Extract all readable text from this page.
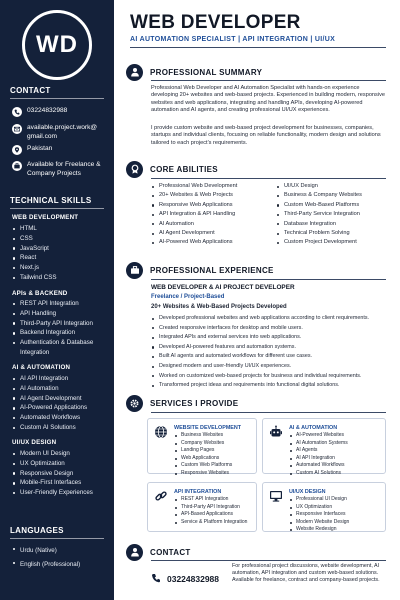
WD
CONTACT
03224832988
available.project.work@ gmail.com
Pakistan
Available for Freelance & Company Projects
TECHNICAL SKILLS
WEB DEVELOPMENT
HTML
CSS
JavaScript
React
Next.js
Tailwind CSS
APIs & BACKEND
REST API Integration
API Handling
Third-Party API Integration
Backend Integration
Authentication & Database Integration
AI & AUTOMATION
AI API Integration
AI Automation
AI Agent Development
AI-Powered Applications
Automated Workflows
Custom AI Solutions
UI/UX DESIGN
Modern UI Design
UX Optimization
Responsive Design
Mobile-First Interfaces
User-Friendly Experiences
LANGUAGES
Urdu (Native)
English (Professional)
WEB DEVELOPER
AI AUTOMATION SPECIALIST | API INTEGRATION | UI/UX
PROFESSIONAL SUMMARY

Professional Web Developer and AI Automation Specialist with hands-on experience developing 20+ websites and web-based projects. Experienced in building modern, responsive websites and web applications, integrating and handling APIs, developing AI-powered automation and AI agents, and creating professional UI/UX experiences.

I provide custom website and web-based project development for businesses, companies, startups and individual clients, focusing on reliable functionality, modern design and solutions tailored to each project's requirements.

CORE ABILITIES
Professional Web Development
20+ Websites & Web Projects
Responsive Web Applications
API Integration & API Handling
AI Automation
AI Agent Development
AI-Powered Web Applications
UI/UX Design
Business & Company Websites
Custom Web-Based Platforms
Third-Party Service Integration
Database Integration
Technical Problem Solving
Custom Project Development
PROFESSIONAL EXPERIENCE
WEB DEVELOPER & AI PROJECT DEVELOPER
Freelance / Project-Based
20+ Websites & Web-Based Projects Developed
Developed professional websites and web applications according to client requirements.
Created responsive interfaces for desktop and mobile users.
Integrated APIs and external services into web applications.
Developed AI-powered features and automation systems.
Built AI agents and automated workflows for different use cases.
Designed modern and user-friendly UI/UX experiences.
Worked on customized web-based projects for business and individual requirements.
Transformed project ideas and requirements into functional digital solutions.
SERVICES I PROVIDE
WEBSITE DEVELOPMENT
Business Websites
Company Websites
Landing Pages
Web Applications
Custom Web Platforms
Responsive Websites
AI & AUTOMATION
AI-Powered Websites
AI Automation Systems
AI Agents
AI API Integration
Automated Workflows
Custom AI Solutions
API INTEGRATION
REST API Integration
Third-Party API Integration
API-Based Applications
Service & Platform Integration
UI/UX DESIGN
Professional UI Design
UX Optimization
Responsive Interfaces
Modern Website Design
Website Redesign
CONTACT
03224832988

For professional project discussions, website development, AI automation, API integration and custom web-based solutions. Available for freelance, contract and company-based projects.
